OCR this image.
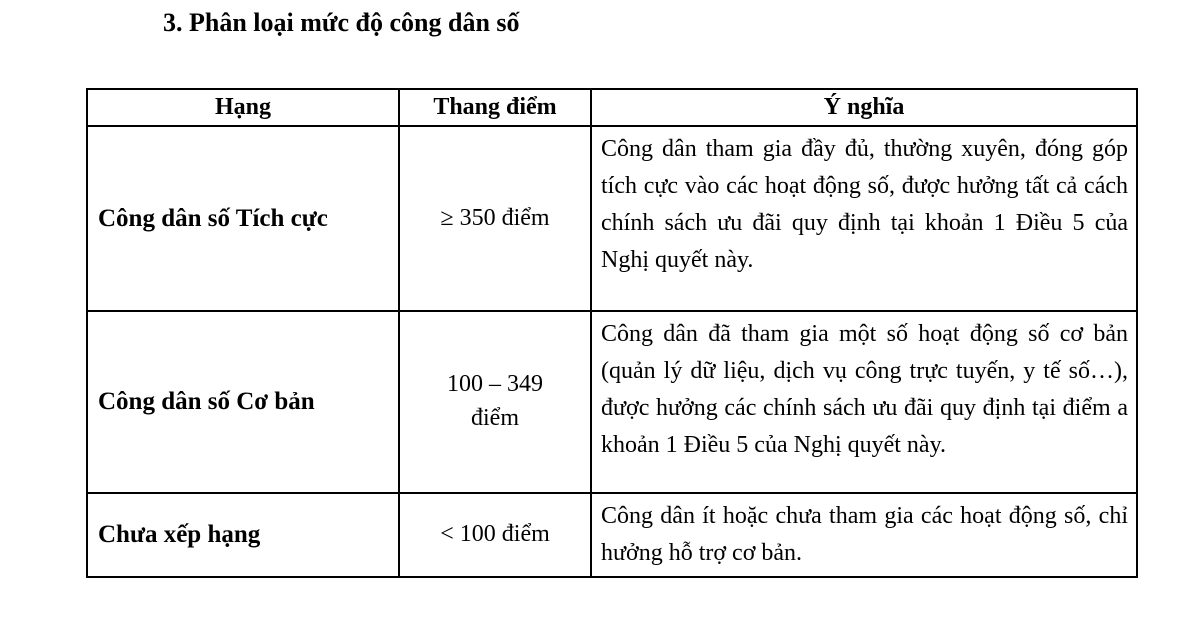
3. Phân loại mức độ công dân số
Hạng	Thang điểm	Ý nghĩa
Công dân số Tích cực	≥ 350 điểm	Công dân tham gia đầy đủ, thường xuyên, đóng góp tích cực vào các hoạt động số, được hưởng tất cả cách chính sách ưu đãi quy định tại khoản 1 Điều 5 của Nghị quyết này.
Công dân số Cơ bản	100 – 349 điểm	Công dân đã tham gia một số hoạt động số cơ bản (quản lý dữ liệu, dịch vụ công trực tuyến, y tế số…), được hưởng các chính sách ưu đãi quy định tại điểm a khoản 1 Điều 5 của Nghị quyết này.
Chưa xếp hạng	< 100 điểm	Công dân ít hoặc chưa tham gia các hoạt động số, chỉ hưởng hỗ trợ cơ bản.
